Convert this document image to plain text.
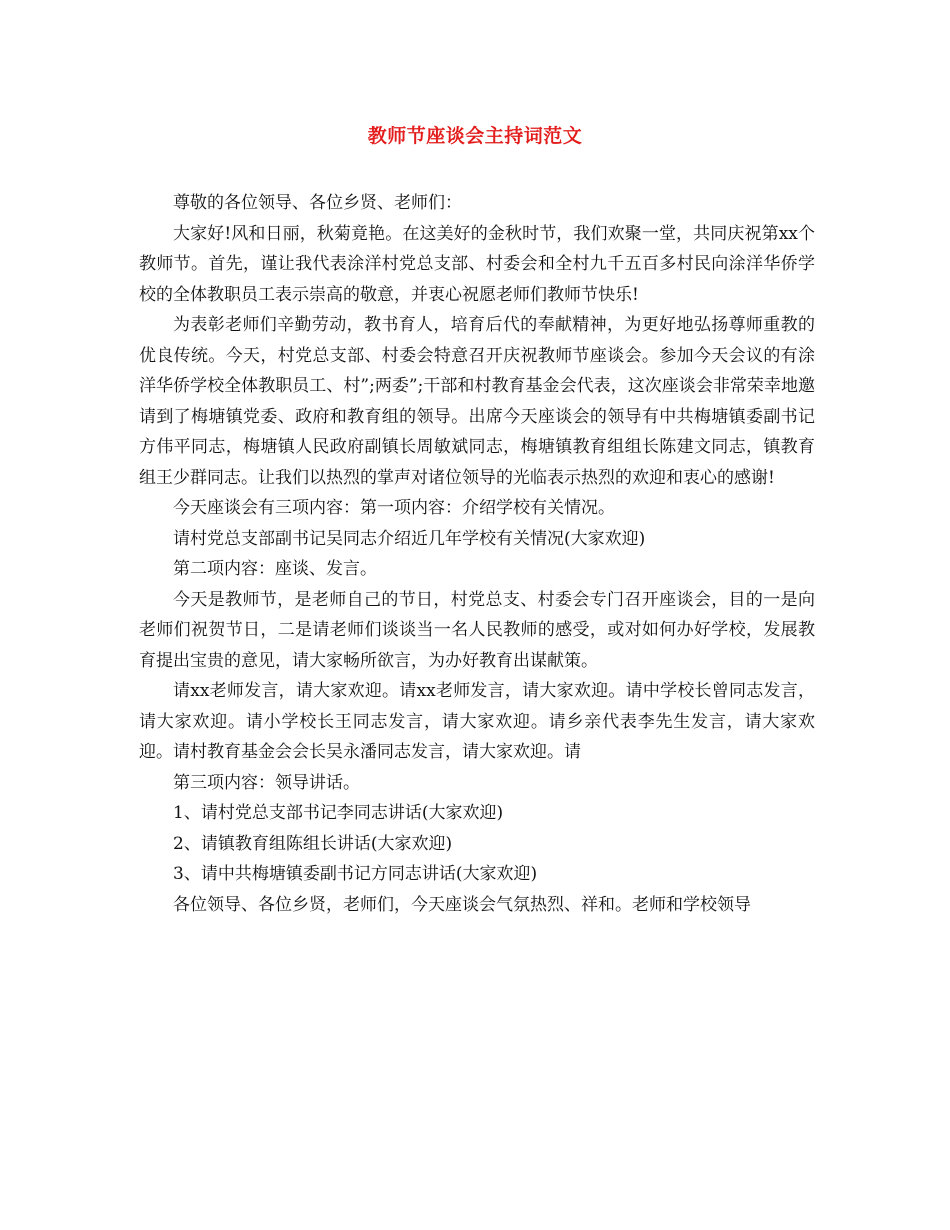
教师节座谈会主持词范文

尊敬的各位领导、各位乡贤、老师们：

大家好!风和日丽，秋菊竟艳。在这美好的金秋时节，我们欢聚一堂，共同庆祝第xx个教师节。首先，谨让我代表涂洋村党总支部、村委会和全村九千五百多村民向涂洋华侨学校的全体教职员工表示崇高的敬意，并衷心祝愿老师们教师节快乐!

为表彰老师们辛勤劳动，教书育人，培育后代的奉献精神，为更好地弘扬尊师重教的优良传统。今天，村党总支部、村委会特意召开庆祝教师节座谈会。参加今天会议的有涂洋华侨学校全体教职员工、村”;两委”;干部和村教育基金会代表，这次座谈会非常荣幸地邀请到了梅塘镇党委、政府和教育组的领导。出席今天座谈会的领导有中共梅塘镇委副书记方伟平同志，梅塘镇人民政府副镇长周敏斌同志，梅塘镇教育组组长陈建文同志，镇教育组王少群同志。让我们以热烈的掌声对诸位领导的光临表示热烈的欢迎和衷心的感谢!

今天座谈会有三项内容：第一项内容：介绍学校有关情况。

请村党总支部副书记吴同志介绍近几年学校有关情况(大家欢迎)

第二项内容：座谈、发言。

今天是教师节，是老师自己的节日，村党总支、村委会专门召开座谈会，目的一是向老师们祝贺节日，二是请老师们谈谈当一名人民教师的感受，或对如何办好学校，发展教育提出宝贵的意见，请大家畅所欲言，为办好教育出谋献策。

请xx老师发言，请大家欢迎。请xx老师发言，请大家欢迎。请中学校长曾同志发言，请大家欢迎。请小学校长王同志发言，请大家欢迎。请乡亲代表李先生发言，请大家欢迎。请村教育基金会会长吴永潘同志发言，请大家欢迎。请

第三项内容：领导讲话。

1、请村党总支部书记李同志讲话(大家欢迎)

2、请镇教育组陈组长讲话(大家欢迎)

3、请中共梅塘镇委副书记方同志讲话(大家欢迎)

各位领导、各位乡贤，老师们，今天座谈会气氛热烈、祥和。老师和学校领导
